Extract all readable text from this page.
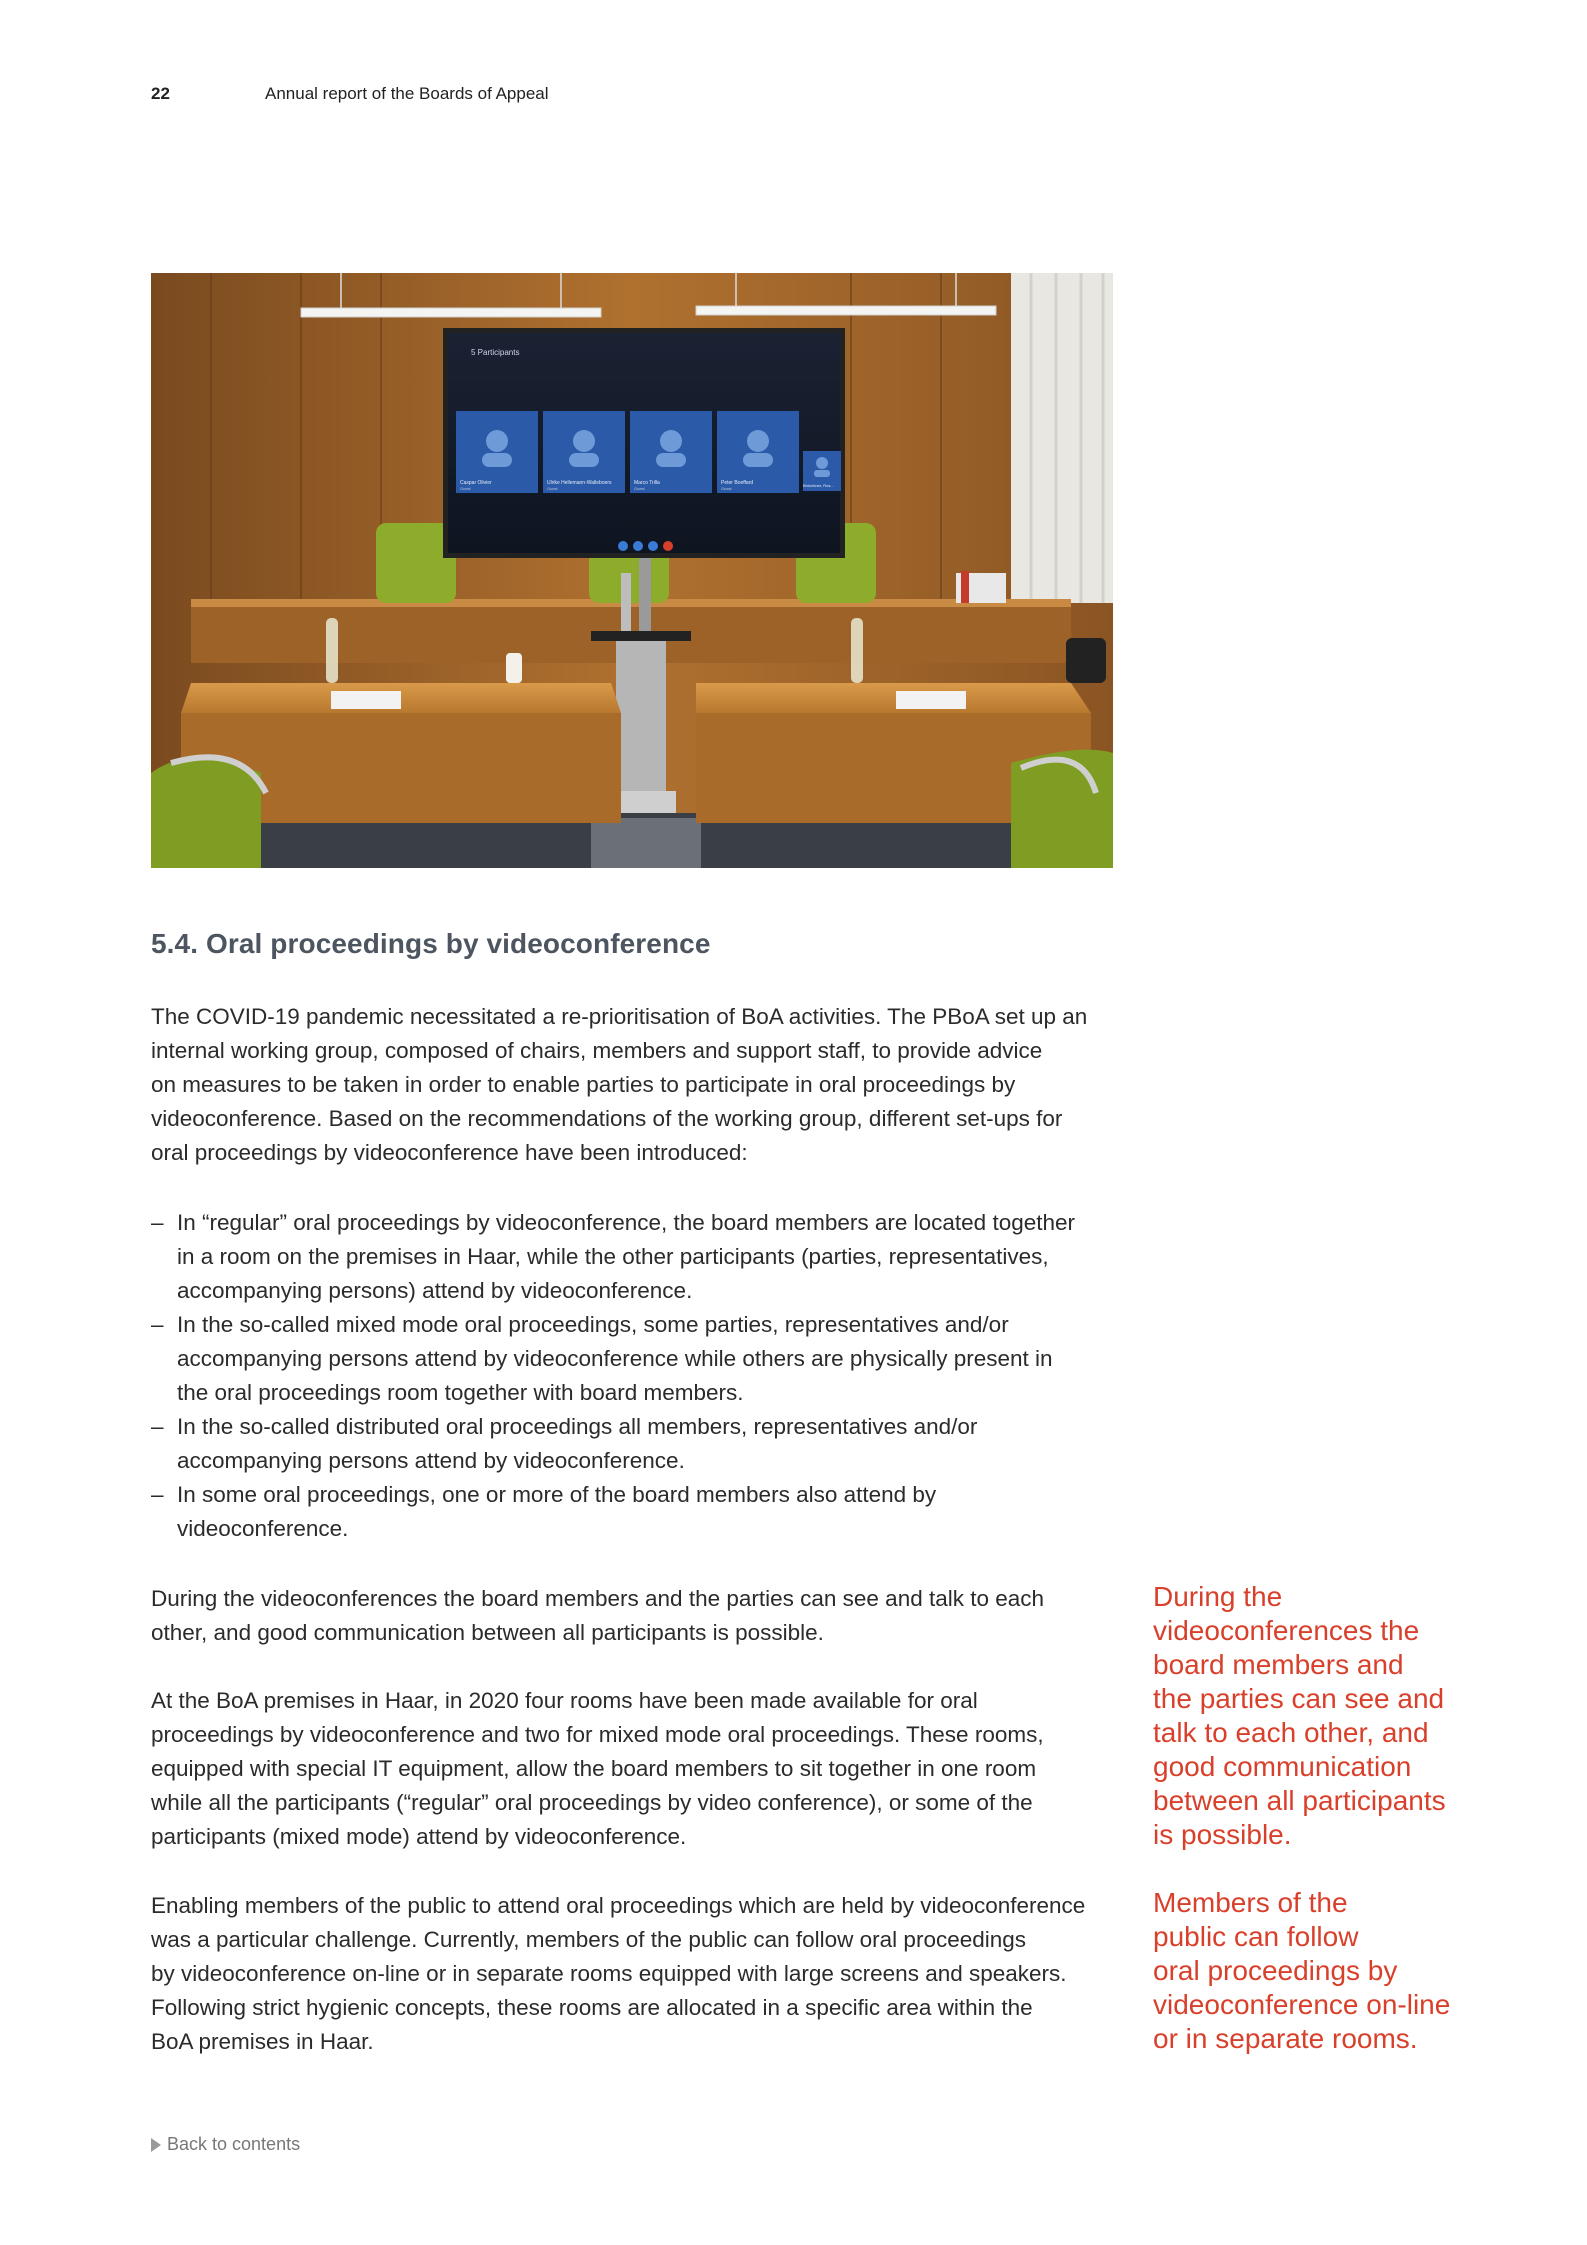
22	Annual report of the Boards of Appeal
5 Participants
Caspar Olivier	Ulrike Hellemann-Walleboers	Marco Trilla	Peter Boeffard
Guest	Guest	Guest	Guest
Bhüchtner, Ros...
5.4. Oral proceedings by videoconference

The COVID-19 pandemic necessitated a re-prioritisation of BoA activities. The PBoA set up an

internal working group, composed of chairs, members and support staff, to provide advice

on measures to be taken in order to enable parties to participate in oral proceedings by

videoconference. Based on the recommendations of the working group, different set-ups for

oral proceedings by videoconference have been introduced:

– In “regular” oral proceedings by videoconference, the board members are located together
in a room on the premises in Haar, while the other participants (parties, representatives,
accompanying persons) attend by videoconference.
– In the so-called mixed mode oral proceedings, some parties, representatives and/or
accompanying persons attend by videoconference while others are physically present in
the oral proceedings room together with board members.
– In the so-called distributed oral proceedings all members, representatives and/or
accompanying persons attend by videoconference.
– In some oral proceedings, one or more of the board members also attend by
videoconference.

During the videoconferences the board members and the parties can see and talk to each

other, and good communication between all participants is possible.

At the BoA premises in Haar, in 2020 four rooms have been made available for oral

proceedings by videoconference and two for mixed mode oral proceedings. These rooms,

equipped with special IT equipment, allow the board members to sit together in one room

while all the participants (“regular” oral proceedings by video conference), or some of the

participants (mixed mode) attend by videoconference.

Enabling members of the public to attend oral proceedings which are held by videoconference

was a particular challenge. Currently, members of the public can follow oral proceedings

by videoconference on-line or in separate rooms equipped with large screens and speakers.

Following strict hygienic concepts, these rooms are allocated in a specific area within the

BoA premises in Haar.

During the
videoconferences the
board members and
the parties can see and
talk to each other, and
good communication
between all participants
is possible.
Members of the
public can follow
oral proceedings by
videoconference on-line
or in separate rooms.
Back to contents
